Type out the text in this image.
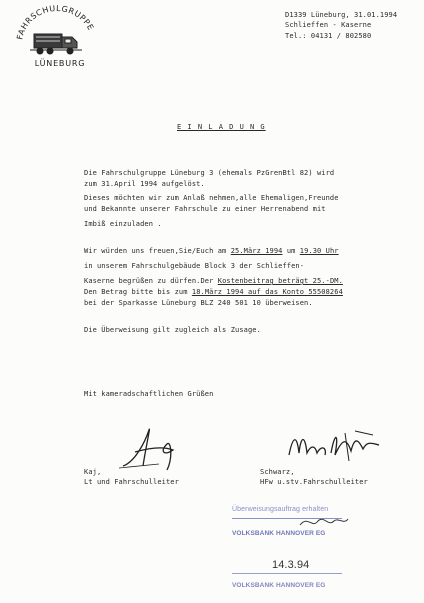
FAHRSCHULGRUPPE
LÜNEBURG
D1339 Lüneburg, 31.01.1994
Schlieffen - Kaserne
Tel.: 04131 / 802580
E I N L A D U N G
Die Fahrschulgruppe Lüneburg 3 (ehemals PzGrenBtl 82) wird
zum 31.April 1994 aufgelöst.
Dieses möchten wir zum Anlaß nehmen,alle Ehemaligen,Freunde
und Bekannte unserer Fahrschule zu einer Herrenabend mit
Imbiß einzuladen .
Wir würden uns freuen,Sie/Euch am 25.März 1994 um 19.30 Uhr
in unserem Fahrschulgebäude Block 3 der Schlieffen-
Kaserne begrüßen zu dürfen.Der Kostenbeitrag beträgt 25.-DM.
Den Betrag bitte bis zum 18.März 1994 auf das Konto 55508264
bei der Sparkasse Lüneburg BLZ 240 501 10 überweisen.
Die Überweisung gilt zugleich als Zusage.
Mit kameradschaftlichen Grüßen
Kaj,
Lt und Fahrschulleiter
Schwarz,
HFw u.stv.Fahrschulleiter
Überweisungsauftrag erhalten
VOLKSBANK HANNOVER EG
14.3.94
VOLKSBANK HANNOVER EG
